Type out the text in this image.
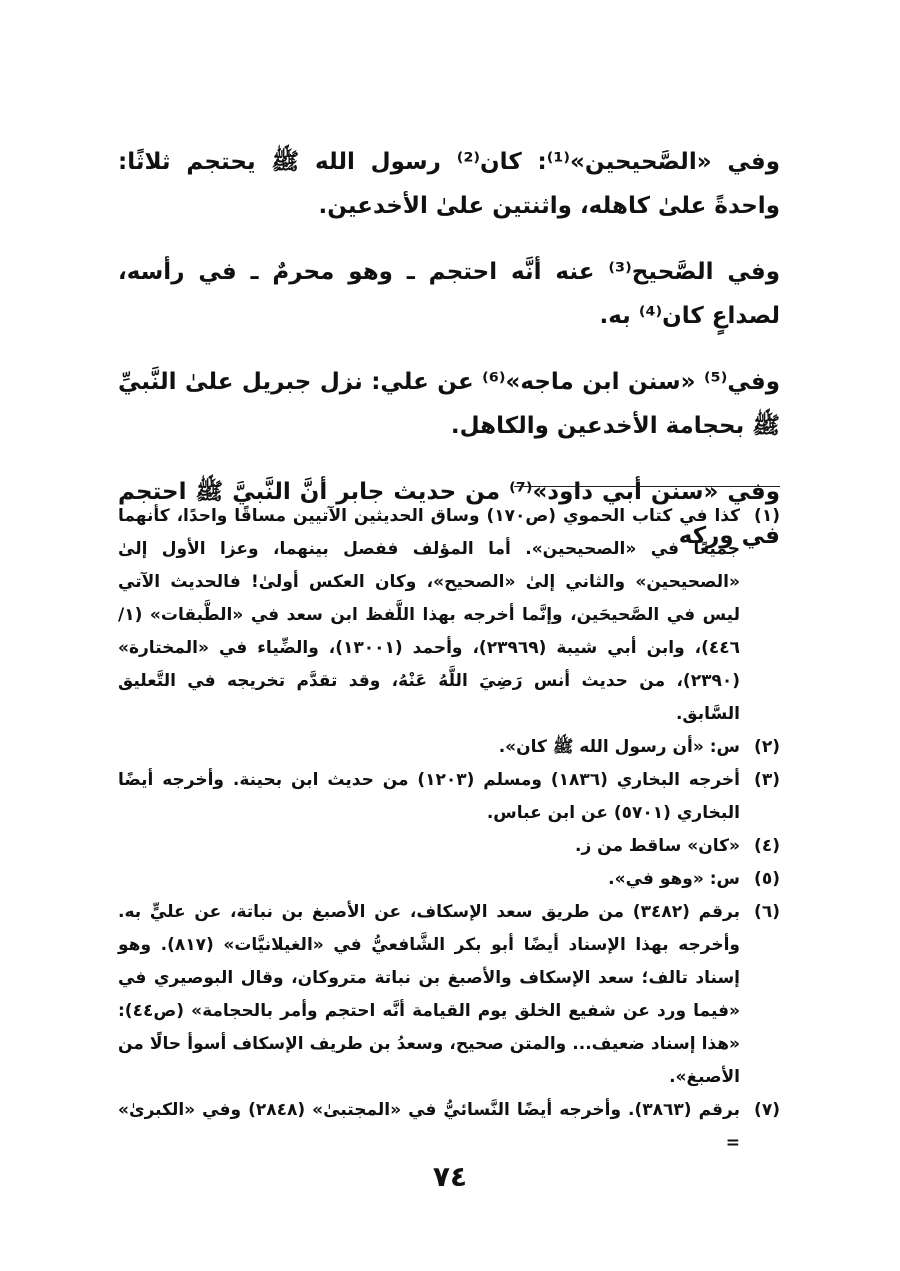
وفي «الصَّحيحين»⁽¹⁾: كان⁽²⁾ رسول الله ﷺ يحتجم ثلاثًا: واحدةً علىٰ كاهله، واثنتين علىٰ الأخدعين.

وفي الصَّحيح⁽³⁾ عنه أنَّه احتجم ـ وهو محرمٌ ـ في رأسه، لصداعٍ كان⁽⁴⁾ به.

وفي⁽⁵⁾ «سنن ابن ماجه»⁽⁶⁾ عن علي: نزل جبريل علىٰ النَّبيِّ ﷺ بحجامة الأخدعين والكاهل.

وفي «سنن أبي داود»⁽⁷⁾ من حديث جابر أنَّ النَّبيَّ ﷺ احتجم في وركه

(١)
كذا في كتاب الحموي (ص١٧٠) وساق الحديثين الآتيين مساقًا واحدًا، كأنهما جميعًا في «الصحيحين». أما المؤلف ففصل بينهما، وعزا الأول إلىٰ «الصحيحين» والثاني إلىٰ «الصحيح»، وكان العكس أولىٰ! فالحديث الآتي ليس في الصَّحيحَين، وإنَّما أخرجه بهذا اللَّفظ ابن سعد في «الطَّبقات» (١/ ٤٤٦)، وابن أبي شيبة (٢٣٩٦٩)، وأحمد (١٣٠٠١)، والضِّياء في «المختارة» (٢٣٩٠)، من حديث أنس رَضِيَ اللَّهُ عَنْهُ، وقد تقدَّم تخريجه في التَّعليق السَّابق.
(٢)
س: «أن رسول الله ﷺ كان».
(٣)
أخرجه البخاري (١٨٣٦) ومسلم (١٢٠٣) من حديث ابن بحينة. وأخرجه أيضًا البخاري (٥٧٠١) عن ابن عباس.
(٤)
«كان» ساقط من ز.
(٥)
س: «وهو في».
(٦)
برقم (٣٤٨٢) من طريق سعد الإسكاف، عن الأصبغ بن نباتة، عن عليٍّ به. وأخرجه بهذا الإسناد أيضًا أبو بكر الشَّافعيُّ في «الغيلانيَّات» (٨١٧). وهو إسناد تالف؛ سعد الإسكاف والأصبغ بن نباتة متروكان، وقال البوصيري في «فيما ورد عن شفيع الخلق يوم القيامة أنَّه احتجم وأمر بالحجامة» (ص٤٤): «هذا إسناد ضعيف... والمتن صحيح، وسعدُ بن طريف الإسكاف أسوأ حالًا من الأصبغ».
(٧)
برقم (٣٨٦٣). وأخرجه أيضًا النَّسائيُّ في «المجتبىٰ» (٢٨٤٨) وفي «الكبرىٰ» =
٧٤
